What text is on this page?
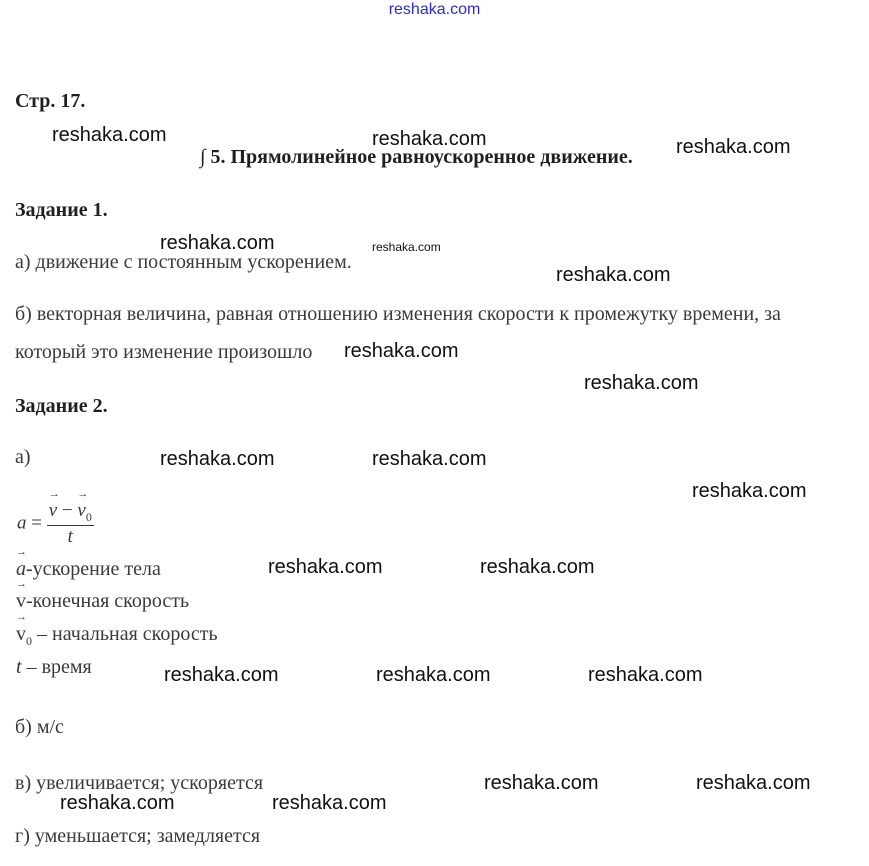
reshaka.com
Стр. 17.
∫ 5. Прямолинейное равноускоренное движение.
Задание 1.
а) движение с постоянным ускорением.
б) векторная величина, равная отношению изменения скорости к промежутку времени, за
который это изменение произошло
Задание 2.
а)
a = → $\frac{v - \to v_0}{t}$
→ a-ускорение тела
→ v-конечная скорость
→ $v_0$ – начальная скорость
t – время
б) м/с
в) увеличивается; ускоряется
г) уменьшается; замедляется
reshaka.com	reshaka.com	reshaka.com
reshaka.com	reshaka.com
reshaka.com
reshaka.com
reshaka.com
reshaka.com	reshaka.com
reshaka.com
reshaka.com	reshaka.com
reshaka.com	reshaka.com	reshaka.com
reshaka.com	reshaka.com
reshaka.com	reshaka.com
